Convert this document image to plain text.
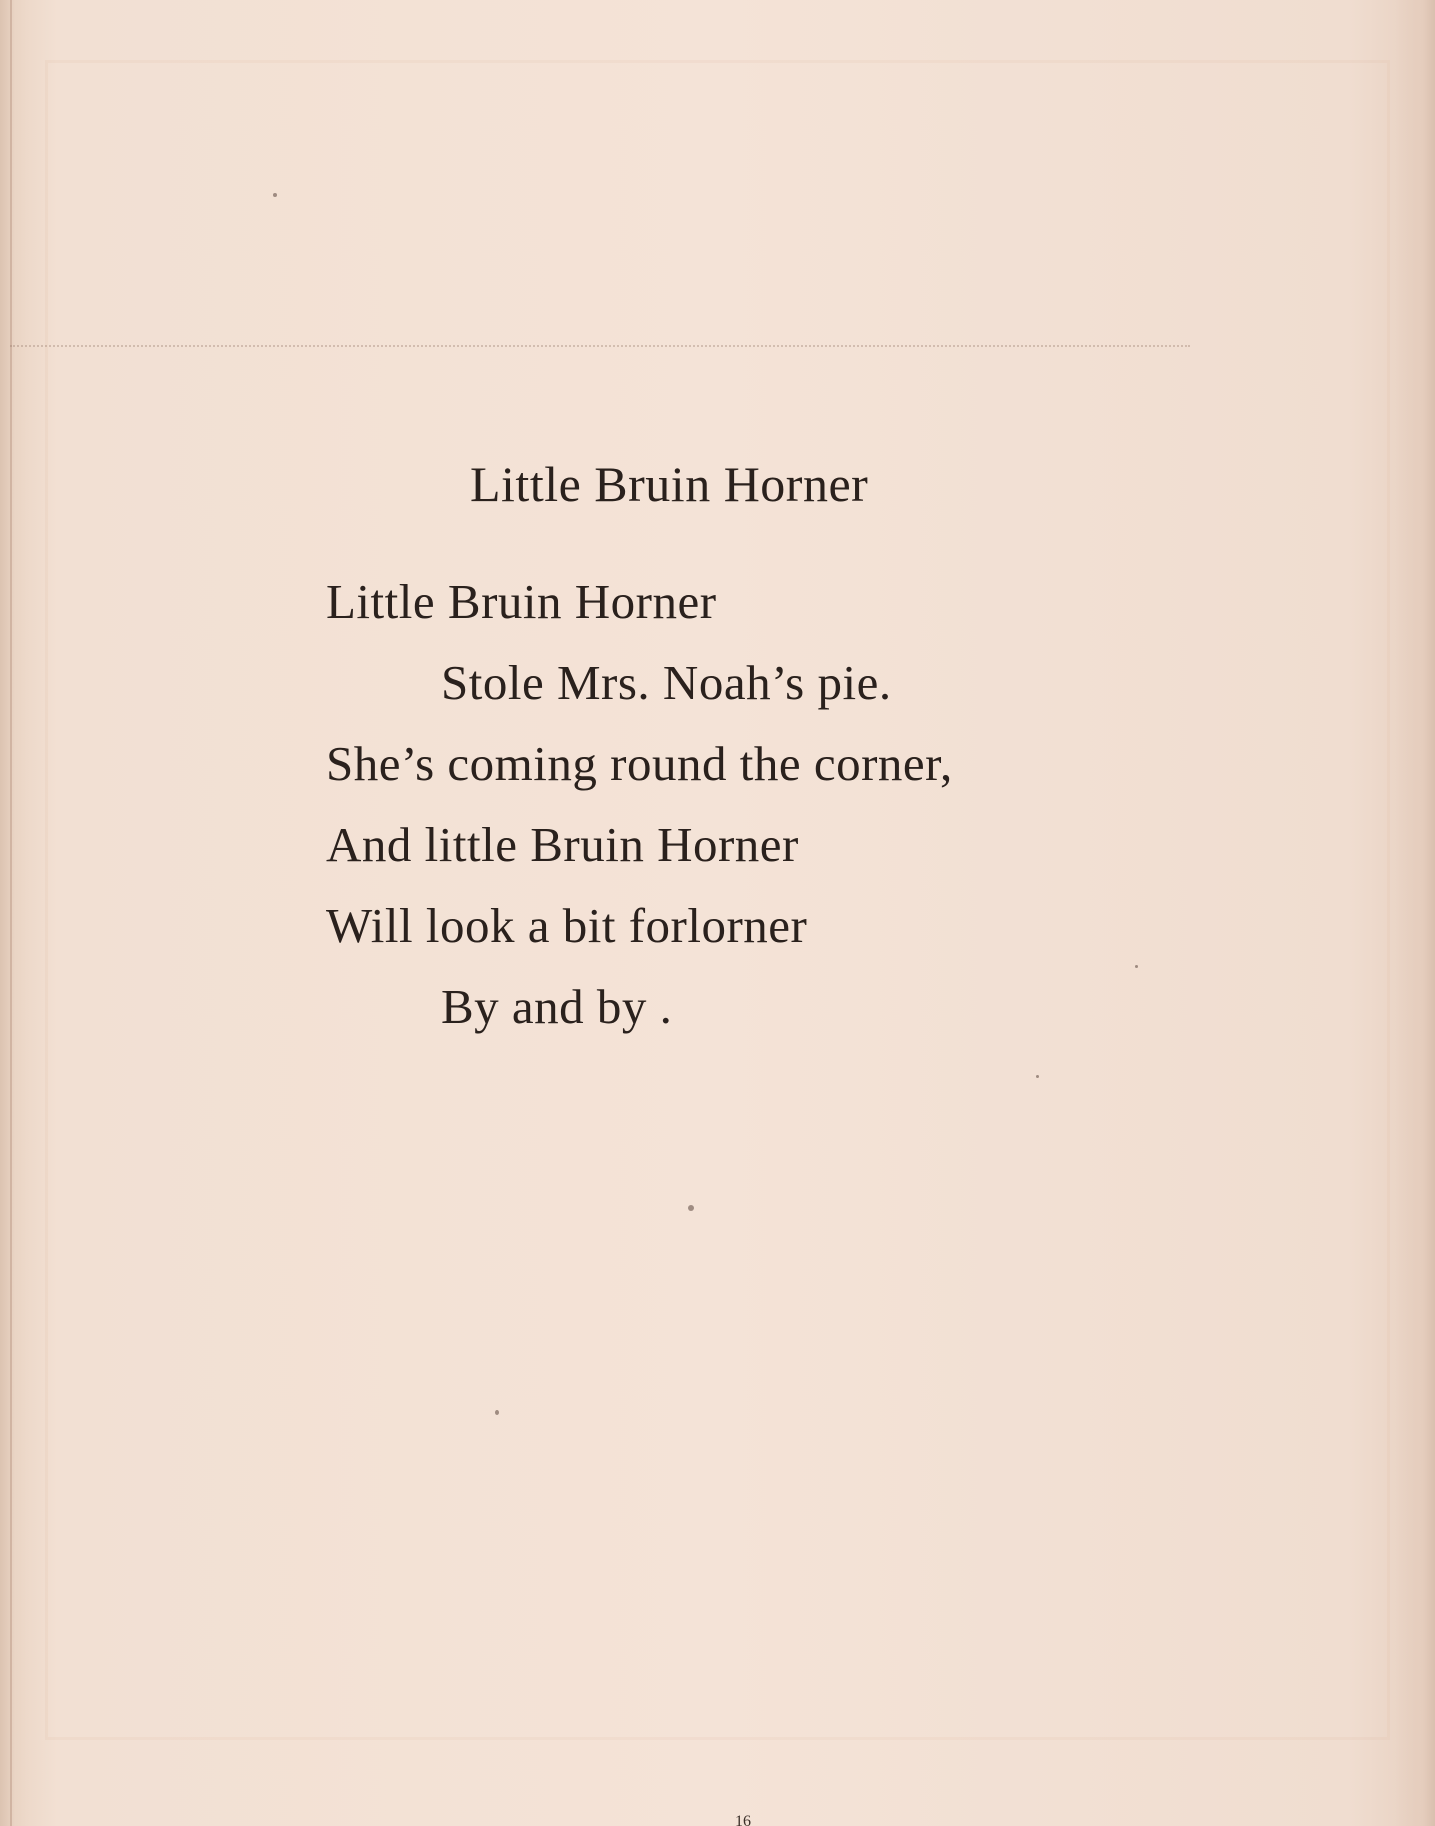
Little Bruin Horner
Little Bruin Horner
Stole Mrs. Noah’s pie.
She’s coming round the corner,
And little Bruin Horner
Will look a bit forlorner
By and by .
16
